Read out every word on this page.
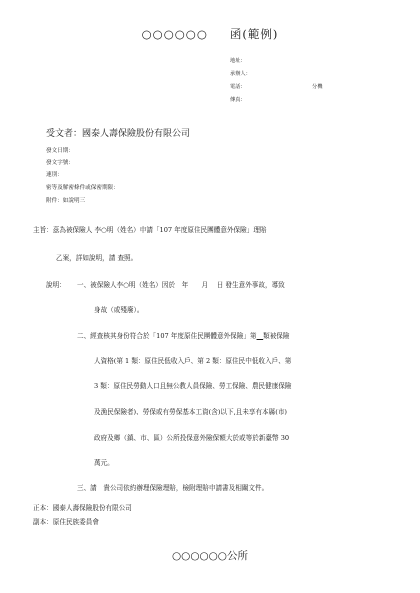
○○○○○○ 函(範例)
地址：
承辦人：
電話：	分機
傳真：
受文者：國泰人壽保險股份有限公司
發文日期：
發文字號：
速別：
密等及解密條件或保密期限：
附件：如說明三
主旨：茲為被保險人 李○明（姓名）申請「107 年度原住民團體意外保險」理賠
乙案，詳如說明，請 查照。
說明： 一、被保險人李○明（姓名）因於　年　　月　 日 發生意外事故，導致
身故（或殘廢）。
二、經查核其身份符合於「107 年度原住民團體意外保險」第__類被保險
人資格(第 1 類：原住民低收入戶、第 2 類：原住民中低收入戶、第
3 類：原住民勞動人口且無公教人員保險、勞工保險、農民健康保險
及漁民保險者)、勞保或有勞保基本工資(含)以下,且未享有本縣(市)
政府及鄉（鎮、市、區）公所投保意外險保額大於或等於新臺幣 30
萬元。
三、請　貴公司依約辦理保險理賠，檢附理賠申請書及相關文件。
正本：國泰人壽保險股份有限公司
副本：原住民族委員會
○○○○○○公所
